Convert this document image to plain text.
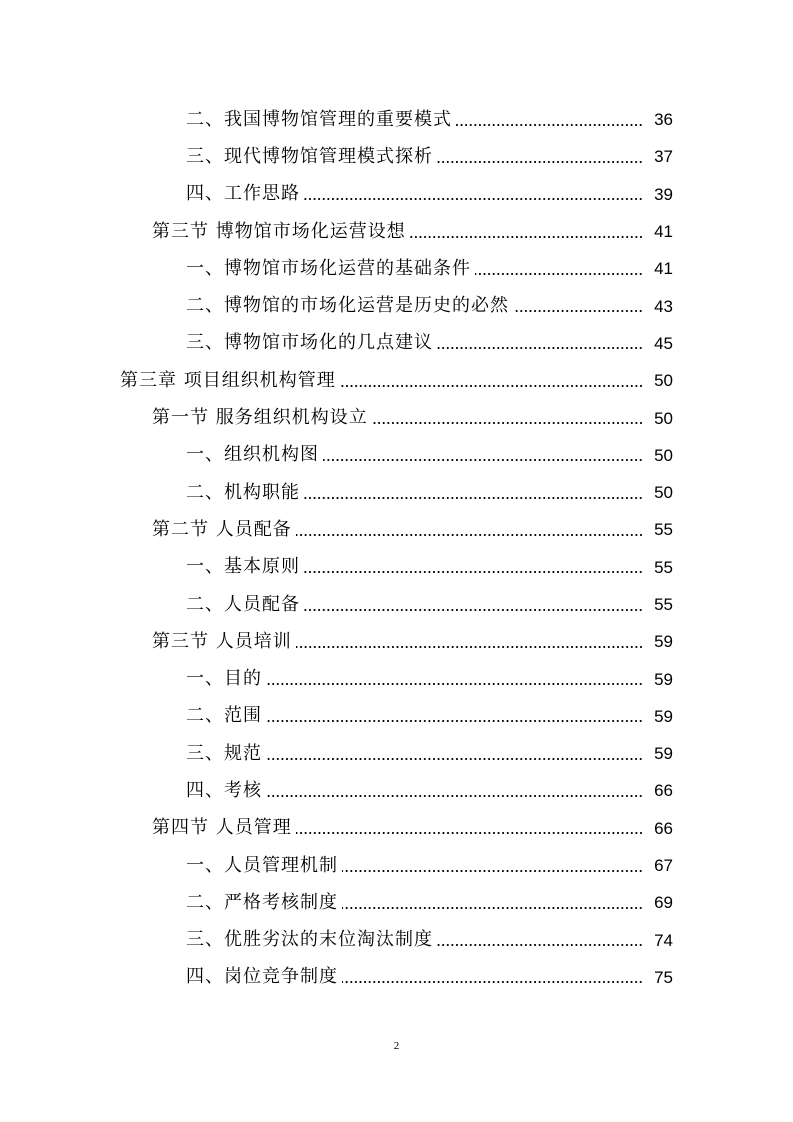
二、我国博物馆管理的重要模式	36
三、现代博物馆管理模式探析	37
四、工作思路	39
第三节 博物馆市场化运营设想	41
一、博物馆市场化运营的基础条件	41
二、博物馆的市场化运营是历史的必然	43
三、博物馆市场化的几点建议	45
第三章 项目组织机构管理	50
第一节 服务组织机构设立	50
一、组织机构图	50
二、机构职能	50
第二节 人员配备	55
一、基本原则	55
二、人员配备	55
第三节 人员培训	59
一、目的	59
二、范围	59
三、规范	59
四、考核	66
第四节 人员管理	66
一、人员管理机制	67
二、严格考核制度	69
三、优胜劣汰的末位淘汰制度	74
四、岗位竞争制度	75
2
